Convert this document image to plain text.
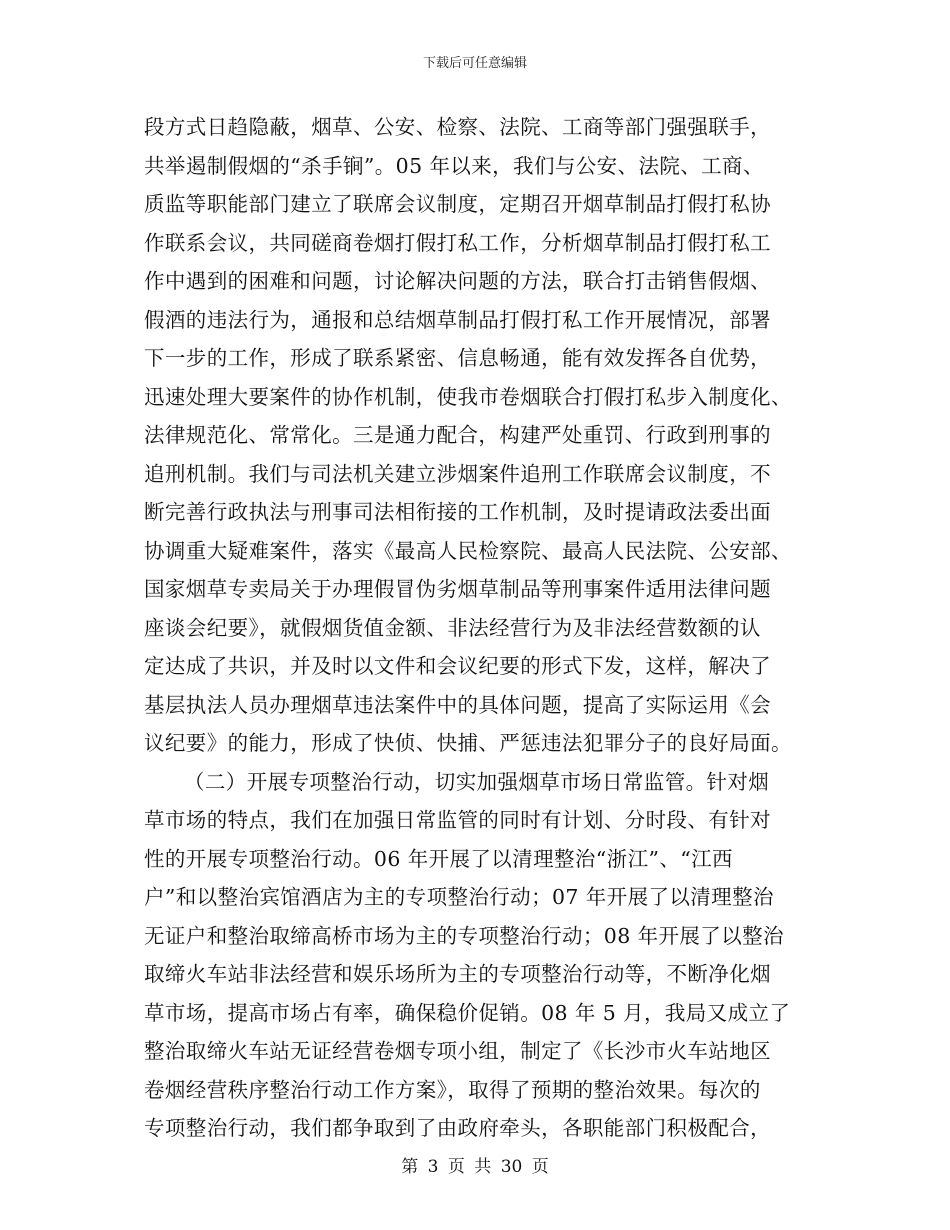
下载后可任意编辑
段方式日趋隐蔽，烟草、公安、检察、法院、工商等部门强强联手，
共举遏制假烟的“杀手锏”。05 年以来，我们与公安、法院、工商、
质监等职能部门建立了联席会议制度，定期召开烟草制品打假打私协
作联系会议，共同磋商卷烟打假打私工作，分析烟草制品打假打私工
作中遇到的困难和问题，讨论解决问题的方法，联合打击销售假烟、
假酒的违法行为，通报和总结烟草制品打假打私工作开展情况，部署
下一步的工作，形成了联系紧密、信息畅通，能有效发挥各自优势，
迅速处理大要案件的协作机制，使我市卷烟联合打假打私步入制度化、
法律规范化、常常化。三是通力配合，构建严处重罚、行政到刑事的
追刑机制。我们与司法机关建立涉烟案件追刑工作联席会议制度，不
断完善行政执法与刑事司法相衔接的工作机制，及时提请政法委出面
协调重大疑难案件，落实《最高人民检察院、最高人民法院、公安部、
国家烟草专卖局关于办理假冒伪劣烟草制品等刑事案件适用法律问题
座谈会纪要》，就假烟货值金额、非法经营行为及非法经营数额的认
定达成了共识，并及时以文件和会议纪要的形式下发，这样，解决了
基层执法人员办理烟草违法案件中的具体问题，提高了实际运用《会
议纪要》的能力，形成了快侦、快捕、严惩违法犯罪分子的良好局面。
（二）开展专项整治行动，切实加强烟草市场日常监管。针对烟
草市场的特点，我们在加强日常监管的同时有计划、分时段、有针对
性的开展专项整治行动。06 年开展了以清理整治“浙江”、“江西
户”和以整治宾馆酒店为主的专项整治行动；07 年开展了以清理整治
无证户和整治取缔高桥市场为主的专项整治行动；08 年开展了以整治
取缔火车站非法经营和娱乐场所为主的专项整治行动等，不断净化烟
草市场，提高市场占有率，确保稳价促销。08 年 5 月，我局又成立了
整治取缔火车站无证经营卷烟专项小组，制定了《长沙市火车站地区
卷烟经营秩序整治行动工作方案》，取得了预期的整治效果。每次的
专项整治行动，我们都争取到了由政府牵头，各职能部门积极配合，
第 3 页 共 30 页
